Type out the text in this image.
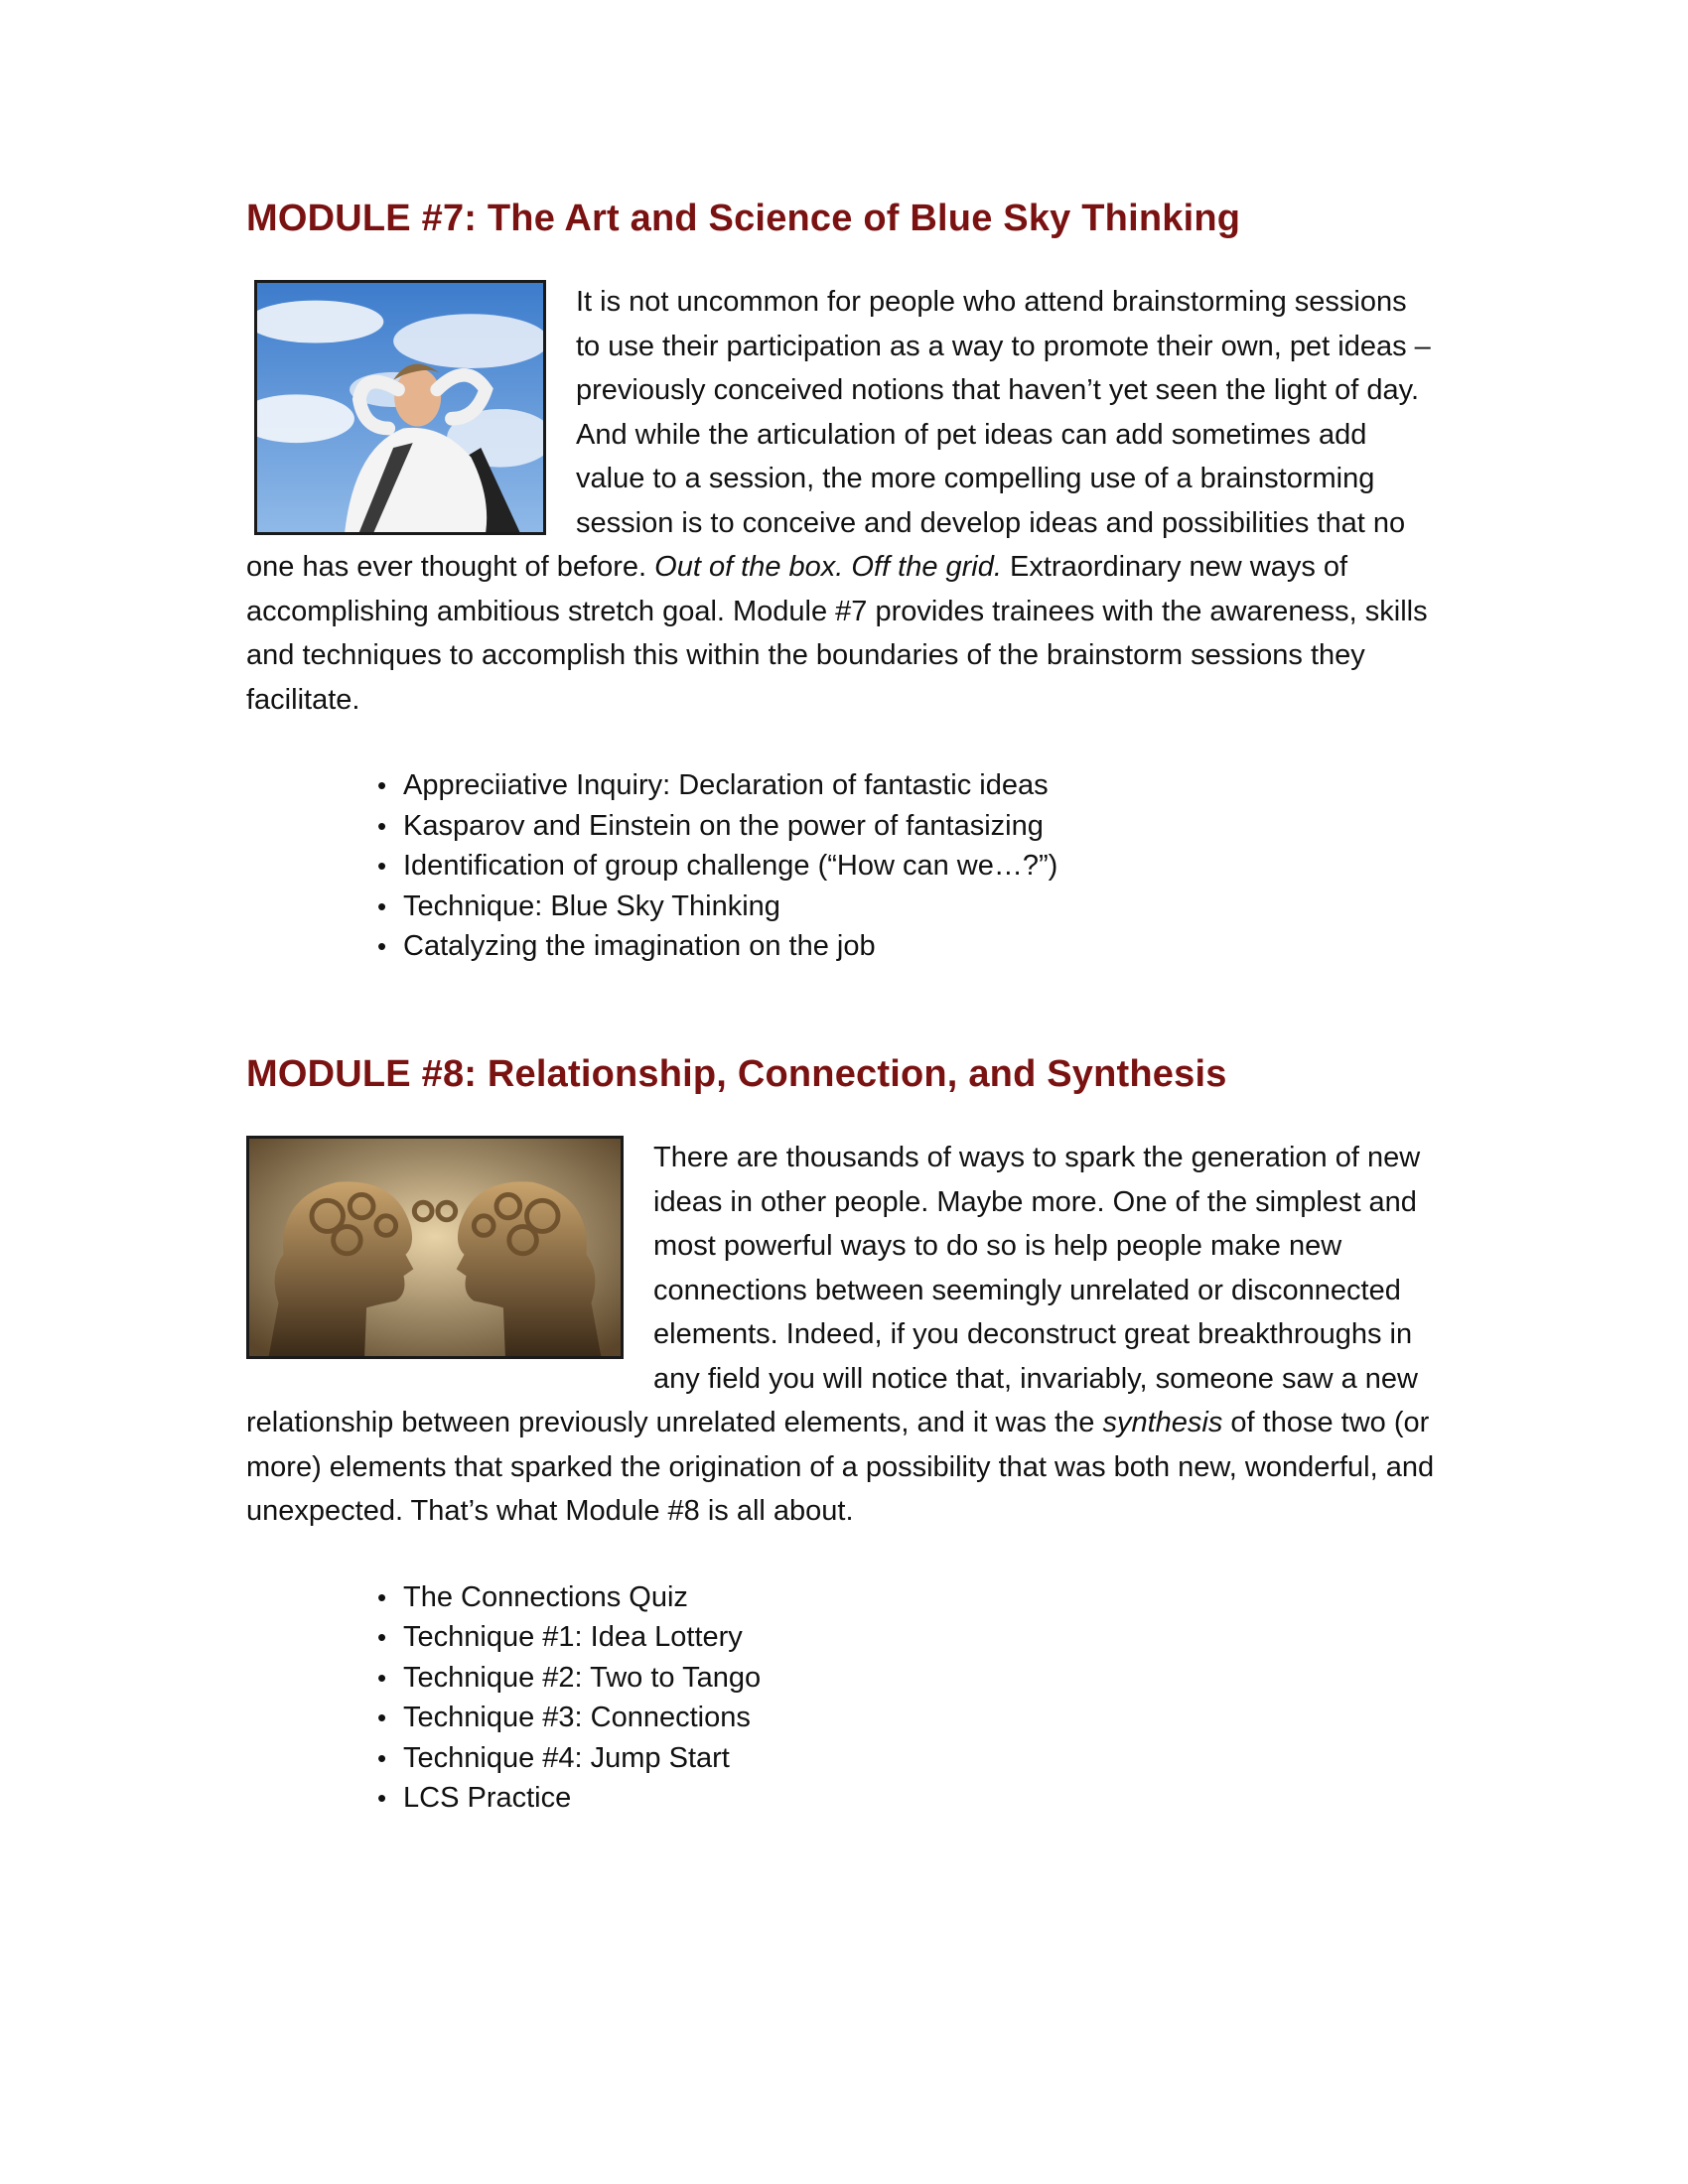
MODULE #7: The Art and Science of Blue Sky Thinking

It is not uncommon for people who attend brainstorming sessions to use their participation as a way to promote their own, pet ideas – previously conceived notions that haven’t yet seen the light of day. And while the articulation of pet ideas can add sometimes add value to a session, the more compelling use of a brainstorming session is to conceive and develop ideas and possibilities that no one has ever thought of before. Out of the box. Off the grid. Extraordinary new ways of accomplishing ambitious stretch goal. Module #7 provides trainees with the awareness, skills and techniques to accomplish this within the boundaries of the brainstorm sessions they facilitate.

• Appreciiative Inquiry: Declaration of fantastic ideas
• Kasparov and Einstein on the power of fantasizing
• Identification of group challenge (“How can we…?”)
• Technique: Blue Sky Thinking
• Catalyzing the imagination on the job
MODULE #8: Relationship, Connection, and Synthesis

There are thousands of ways to spark the generation of new ideas in other people. Maybe more. One of the simplest and most powerful ways to do so is help people make new connections between seemingly unrelated or disconnected elements. Indeed, if you deconstruct great breakthroughs in any field you will notice that, invariably, someone saw a new relationship between previously unrelated elements, and it was the synthesis of those two (or more) elements that sparked the origination of a possibility that was both new, wonderful, and unexpected. That’s what Module #8 is all about.

• The Connections Quiz
• Technique #1: Idea Lottery
• Technique #2: Two to Tango
• Technique #3: Connections
• Technique #4: Jump Start
• LCS Practice
